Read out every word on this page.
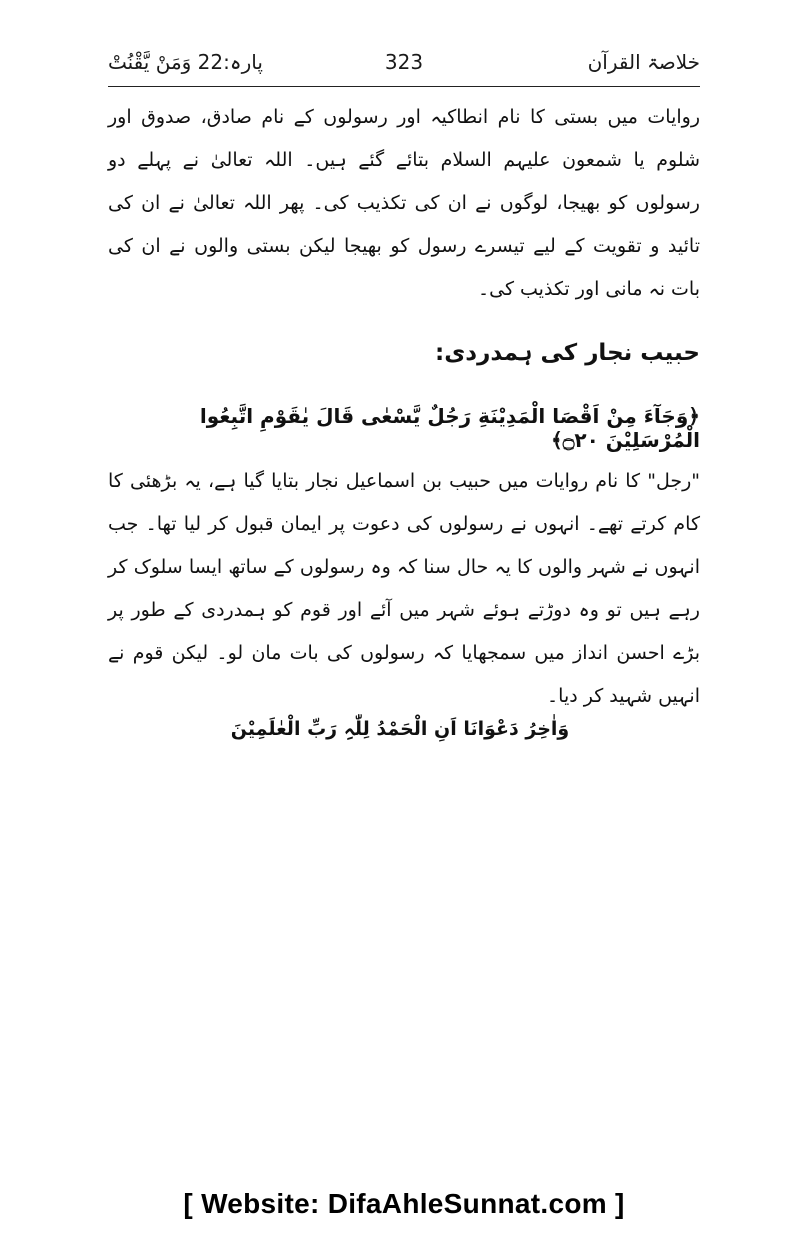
خلاصۃ القرآن
323
پارہ:22 وَمَنْ يَّقْنُتْ

روایات میں بستی کا نام انطاکیہ اور رسولوں کے نام صادق، صدوق اور شلوم یا شمعون علیہم السلام بتائے گئے ہیں۔ اللہ تعالیٰ نے پہلے دو رسولوں کو بھیجا، لوگوں نے ان کی تکذیب کی۔ پھر اللہ تعالیٰ نے ان کی تائید و تقویت کے لیے تیسرے رسول کو بھیجا لیکن بستی والوں نے ان کی بات نہ مانی اور تکذیب کی۔

حبیب نجار کی ہمدردی:
﴿وَجَآءَ مِنْ اَقْصَا الْمَدِيْنَةِ رَجُلٌ يَّسْعٰى قَالَ يٰقَوْمِ اتَّبِعُوا الْمُرْسَلِيْنَ ۝٢٠﴾

"رجل" کا نام روایات میں حبیب بن اسماعیل نجار بتایا گیا ہے، یہ بڑھئی کا کام کرتے تھے۔ انہوں نے رسولوں کی دعوت پر ایمان قبول کر لیا تھا۔ جب انہوں نے شہر والوں کا یہ حال سنا کہ وہ رسولوں کے ساتھ ایسا سلوک کر رہے ہیں تو وہ دوڑتے ہوئے شہر میں آئے اور قوم کو ہمدردی کے طور پر بڑے احسن انداز میں سمجھایا کہ رسولوں کی بات مان لو۔ لیکن قوم نے انہیں شہید کر دیا۔

وَاٰخِرُ دَعْوَانَا اَنِ الْحَمْدُ لِلّٰہِ رَبِّ الْعٰلَمِيْنَ
[ Website: DifaAhleSunnat.com ]
